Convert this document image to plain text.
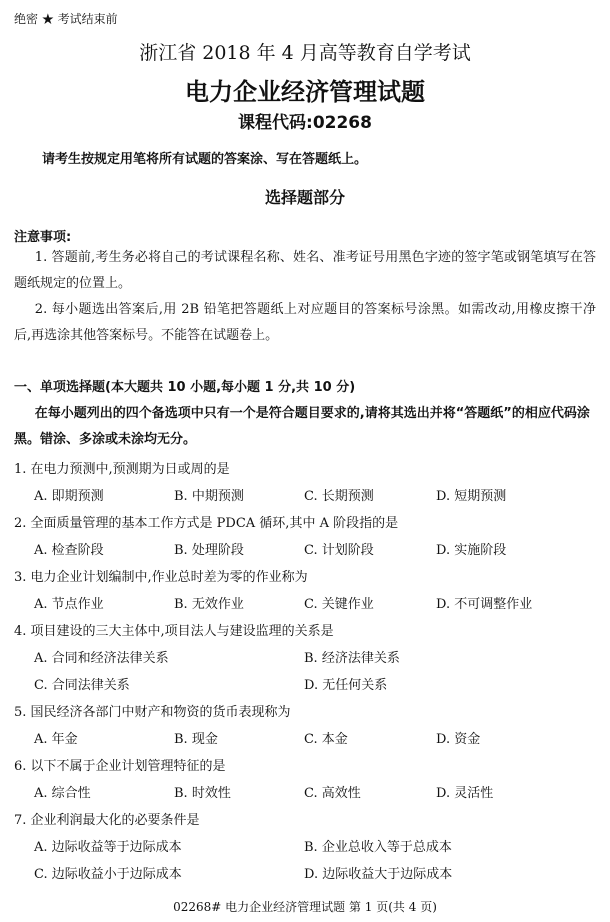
绝密 ★ 考试结束前
浙江省 2018 年 4 月高等教育自学考试
电力企业经济管理试题
课程代码:02268
请考生按规定用笔将所有试题的答案涂、写在答题纸上。
选择题部分
注意事项:
1. 答题前,考生务必将自己的考试课程名称、姓名、准考证号用黑色字迹的签字笔或钢笔填写在答题纸规定的位置上。
2. 每小题选出答案后,用 2B 铅笔把答题纸上对应题目的答案标号涂黑。如需改动,用橡皮擦干净后,再选涂其他答案标号。不能答在试题卷上。
一、单项选择题(本大题共 10 小题,每小题 1 分,共 10 分)
在每小题列出的四个备选项中只有一个是符合题目要求的,请将其选出并将“答题纸”的相应代码涂黑。错涂、多涂或未涂均无分。
1. 在电力预测中,预测期为日或周的是
A. 即期预测	B. 中期预测	C. 长期预测	D. 短期预测
2. 全面质量管理的基本工作方式是 PDCA 循环,其中 A 阶段指的是
A. 检查阶段	B. 处理阶段	C. 计划阶段	D. 实施阶段
3. 电力企业计划编制中,作业总时差为零的作业称为
A. 节点作业	B. 无效作业	C. 关键作业	D. 不可调整作业
4. 项目建设的三大主体中,项目法人与建设监理的关系是
A. 合同和经济法律关系	B. 经济法律关系
C. 合同法律关系	D. 无任何关系
5. 国民经济各部门中财产和物资的货币表现称为
A. 年金	B. 现金	C. 本金	D. 资金
6. 以下不属于企业计划管理特征的是
A. 综合性	B. 时效性	C. 高效性	D. 灵活性
7. 企业利润最大化的必要条件是
A. 边际收益等于边际成本	B. 企业总收入等于总成本
C. 边际收益小于边际成本	D. 边际收益大于边际成本
02268# 电力企业经济管理试题 第 1 页(共 4 页)
